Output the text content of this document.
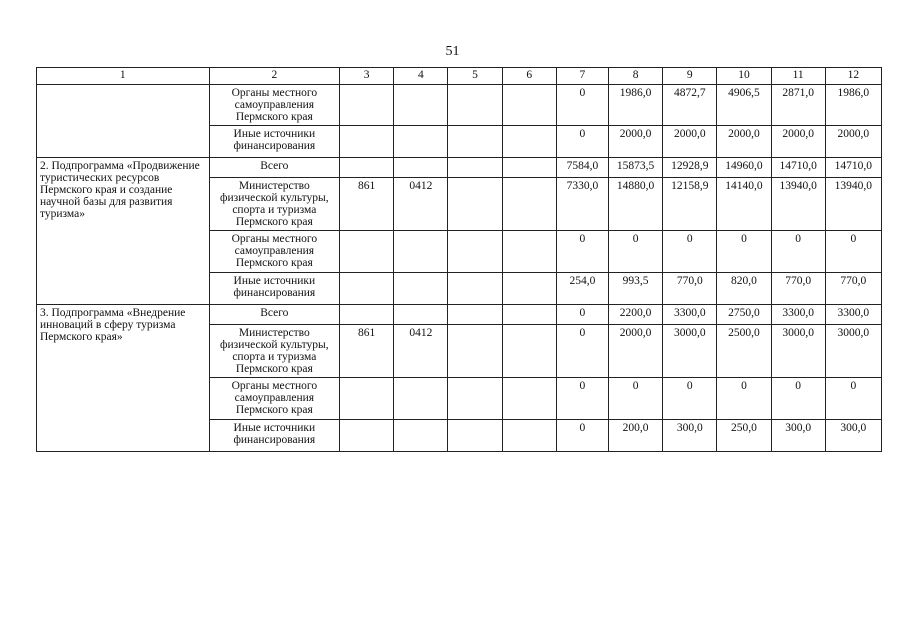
51
1	2	3	4	5	6	7	8	9	10	11	12
	Органы местного самоуправления Пермского края					0	1986,0	4872,7	4906,5	2871,0	1986,0
	Иные источники финансирования					0	2000,0	2000,0	2000,0	2000,0	2000,0
2. Подпрограмма «Продвижение туристических ресурсов Пермского края и создание научной базы для развития туризма»	Всего					7584,0	15873,5	12928,9	14960,0	14710,0	14710,0
	Министерство физической культуры, спорта и туризма Пермского края	861	0412			7330,0	14880,0	12158,9	14140,0	13940,0	13940,0
	Органы местного самоуправления Пермского края					0	0	0	0	0	0
	Иные источники финансирования					254,0	993,5	770,0	820,0	770,0	770,0
3. Подпрограмма «Внедрение инноваций в сферу туризма Пермского края»	Всего					0	2200,0	3300,0	2750,0	3300,0	3300,0
	Министерство физической культуры, спорта и туризма Пермского края	861	0412			0	2000,0	3000,0	2500,0	3000,0	3000,0
	Органы местного самоуправления Пермского края					0	0	0	0	0	0
	Иные источники финансирования					0	200,0	300,0	250,0	300,0	300,0
